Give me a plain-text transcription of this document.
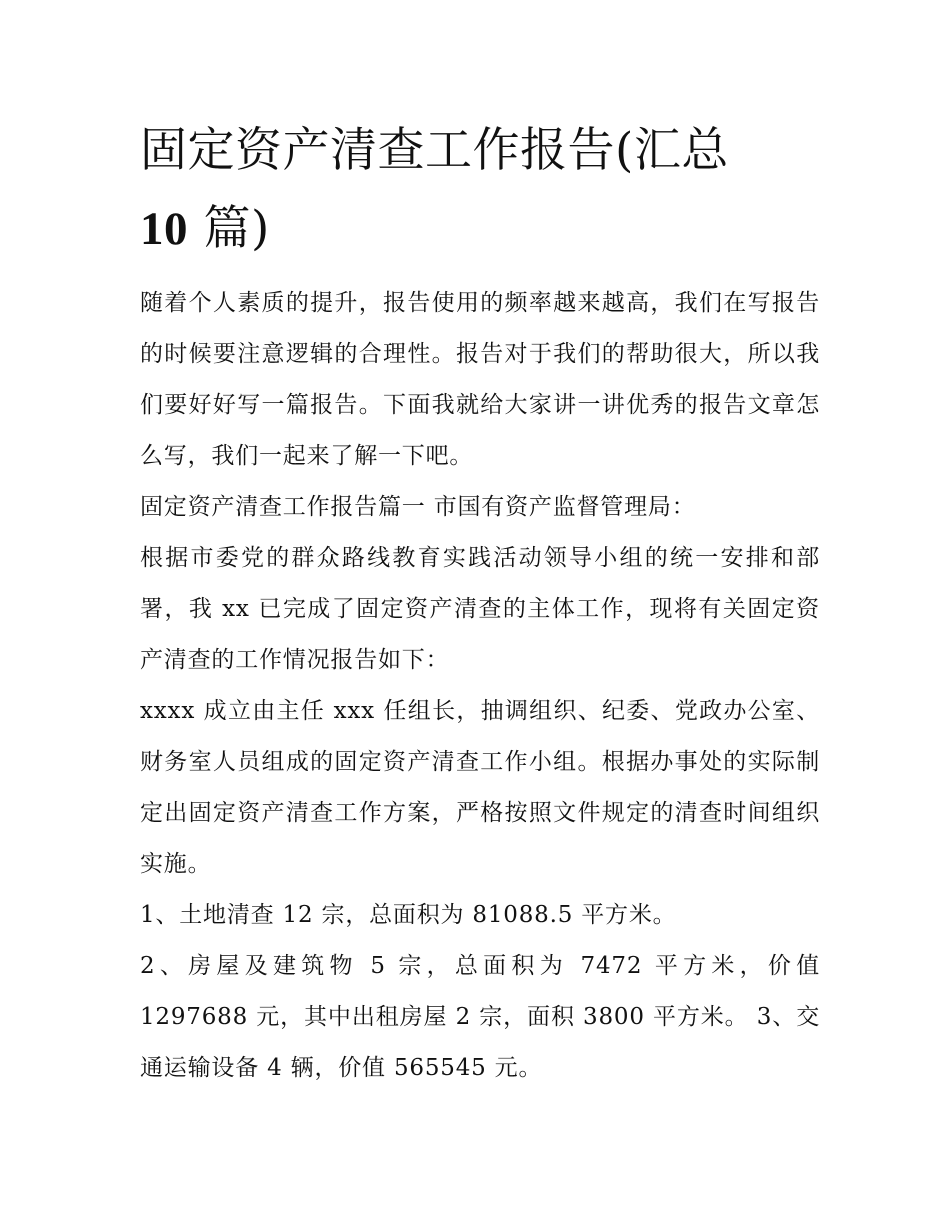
固定资产清查工作报告(汇总
10 篇)

随着个人素质的提升，报告使用的频率越来越高，我们在写报告的时候要注意逻辑的合理性。报告对于我们的帮助很大，所以我们要好好写一篇报告。下面我就给大家讲一讲优秀的报告文章怎么写，我们一起来了解一下吧。

固定资产清查工作报告篇一 市国有资产监督管理局：

根据市委党的群众路线教育实践活动领导小组的统一安排和部署，我 xx 已完成了固定资产清查的主体工作，现将有关固定资产清查的工作情况报告如下：

xxxx 成立由主任 xxx 任组长，抽调组织、纪委、党政办公室、财务室人员组成的固定资产清查工作小组。根据办事处的实际制定出固定资产清查工作方案，严格按照文件规定的清查时间组织实施。

1、土地清查 12 宗，总面积为 81088.5 平方米。

2、房屋及建筑物 5 宗，总面积为 7472 平方米，价值 1297688 元，其中出租房屋 2 宗，面积 3800 平方米。 3、交通运输设备 4 辆，价值 565545 元。
